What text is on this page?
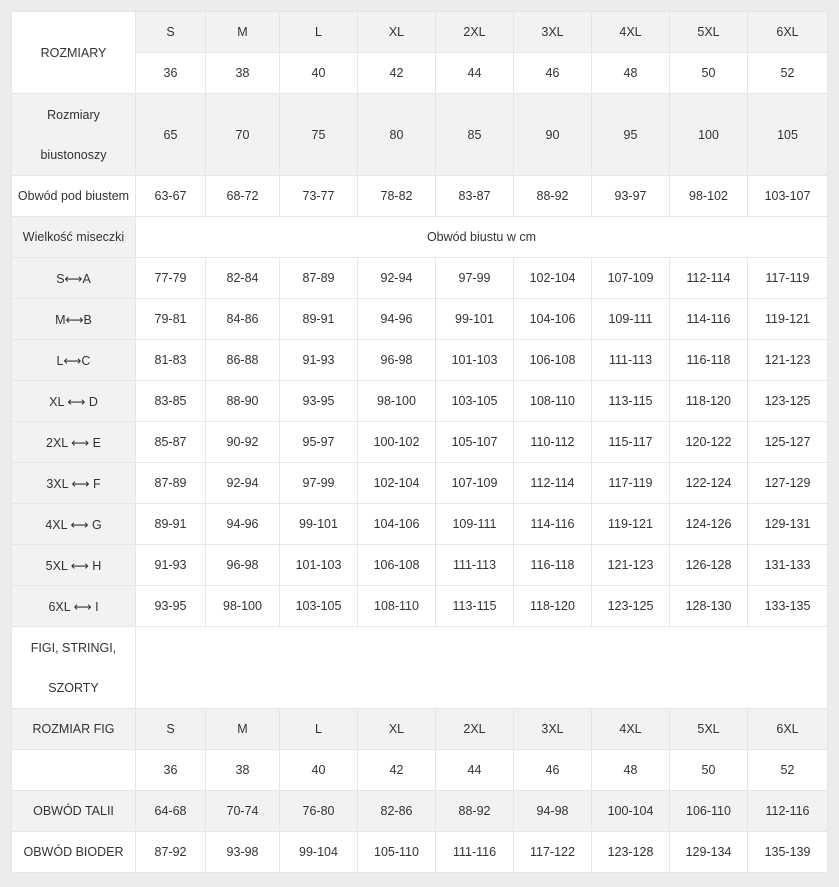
ROZMIARY	S	M	L	XL	2XL	3XL	4XL	5XL	6XL
	36	38	40	42	44	46	48	50	52

Rozmiary
biustonoszy	65	70	75	80	85	90	95	100	105
Obwód pod biustem	63-67	68-72	73-77	78-82	83-87	88-92	93-97	98-102	103-107
Wielkość miseczki	Obwód biustu w cm								
S⟷A	77-79	82-84	87-89	92-94	97-99	102-104	107-109	112-114	117-119
M⟷B	79-81	84-86	89-91	94-96	99-101	104-106	109-111	114-116	119-121
L⟷C	81-83	86-88	91-93	96-98	101-103	106-108	111-113	116-118	121-123
XL ⟷ D	83-85	88-90	93-95	98-100	103-105	108-110	113-115	118-120	123-125
2XL ⟷ E	85-87	90-92	95-97	100-102	105-107	110-112	115-117	120-122	125-127
3XL ⟷ F	87-89	92-94	97-99	102-104	107-109	112-114	117-119	122-124	127-129
4XL ⟷ G	89-91	94-96	99-101	104-106	109-111	114-116	119-121	124-126	129-131
5XL ⟷ H	91-93	96-98	101-103	106-108	111-113	116-118	121-123	126-128	131-133
6XL ⟷ I	93-95	98-100	103-105	108-110	113-115	118-120	123-125	128-130	133-135

FIGI, STRINGI,
SZORTY									

ROZMIAR FIG	S	M	L	XL	2XL	3XL	4XL	5XL	6XL
	36	38	40	42	44	46	48	50	52
OBWÓD TALII	64-68	70-74	76-80	82-86	88-92	94-98	100-104	106-110	112-116
OBWÓD BIODER	87-92	93-98	99-104	105-110	111-116	117-122	123-128	129-134	135-139
